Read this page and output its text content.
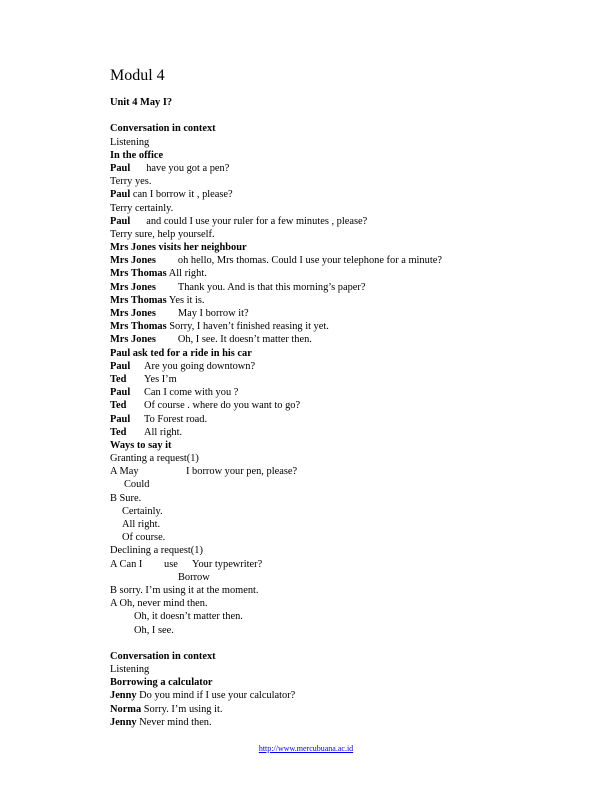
Modul 4
Unit 4 May I?
Conversation in context
Listening
In the office
Paul have you got a pen?
Terry yes.
Paul can I borrow it , please?
Terry certainly.
Paul and could I use your ruler for a few minutes , please?
Terry sure, help yourself.
Mrs Jones visits her neighbour
Mrs Jones oh hello, Mrs thomas. Could I use your telephone for a minute?
Mrs Thomas All right.
Mrs Jones Thank you. And is that this morning’s paper?
Mrs Thomas Yes it is.
Mrs Jones May I borrow it?
Mrs Thomas Sorry, I haven’t finished reasing it yet.
Mrs Jones Oh, I see. It doesn’t matter then.
Paul ask ted for a ride in his car
Paul Are you going downtown?
Ted Yes I’m
Paul Can I come with you ?
Ted Of course . where do you want to go?
Paul To Forest road.
Ted All right.
Ways to say it
Granting a request(1)
A May	I borrow your pen, please?
Could
B Sure.
Certainly.
All right.
Of course.
Declining a request(1)
A Can I use Your typewriter?
Borrow
B sorry. I’m using it at the moment.
A Oh, never mind then.
Oh, it doesn’t matter then.
Oh, I see.
Conversation in context
Listening
Borrowing a calculator
Jenny Do you mind if I use your calculator?
Norma Sorry. I’m using it.
Jenny Never mind then.
http://www.mercubuana.ac.id
